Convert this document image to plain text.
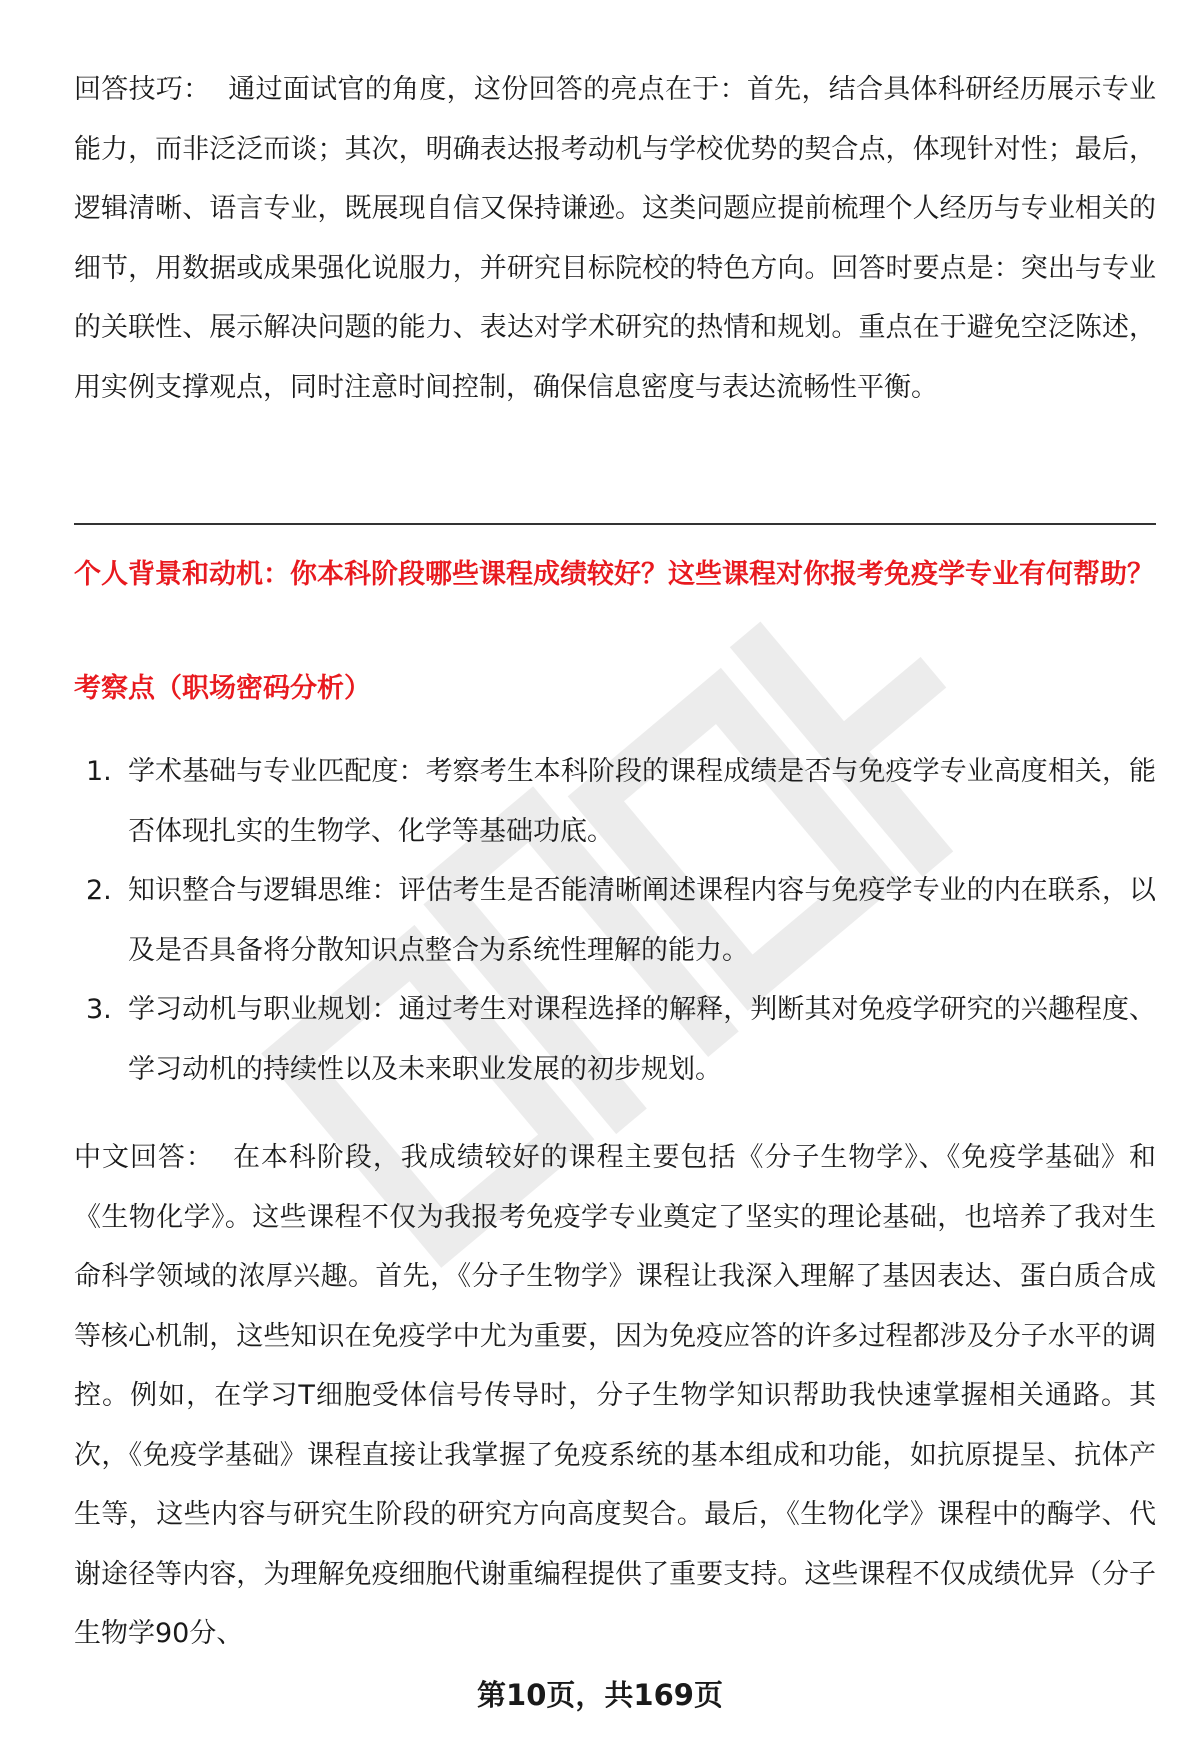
回答技巧： 通过面试官的角度，这份回答的亮点在于：首先，结合具体科研经历展示专业能力，而非泛泛而谈；其次，明确表达报考动机与学校优势的契合点，体现针对性；最后，逻辑清晰、语言专业，既展现自信又保持谦逊。这类问题应提前梳理个人经历与专业相关的细节，用数据或成果强化说服力，并研究目标院校的特色方向。回答时要点是：突出与专业的关联性、展示解决问题的能力、表达对学术研究的热情和规划。重点在于避免空泛陈述，用实例支撑观点，同时注意时间控制，确保信息密度与表达流畅性平衡。

个人背景和动机：你本科阶段哪些课程成绩较好？这些课程对你报考免疫学专业有何帮助？

考察点（职场密码分析）

1. 学术基础与专业匹配度：考察考生本科阶段的课程成绩是否与免疫学专业高度相关，能否体现扎实的生物学、化学等基础功底。
2. 知识整合与逻辑思维：评估考生是否能清晰阐述课程内容与免疫学专业的内在联系，以及是否具备将分散知识点整合为系统性理解的能力。
3. 学习动机与职业规划：通过考生对课程选择的解释，判断其对免疫学研究的兴趣程度、学习动机的持续性以及未来职业发展的初步规划。

中文回答： 在本科阶段，我成绩较好的课程主要包括《分子生物学》、《免疫学基础》和《生物化学》。这些课程不仅为我报考免疫学专业奠定了坚实的理论基础，也培养了我对生命科学领域的浓厚兴趣。首先，《分子生物学》课程让我深入理解了基因表达、蛋白质合成等核心机制，这些知识在免疫学中尤为重要，因为免疫应答的许多过程都涉及分子水平的调控。例如，在学习T细胞受体信号传导时，分子生物学知识帮助我快速掌握相关通路。其次，《免疫学基础》课程直接让我掌握了免疫系统的基本组成和功能，如抗原提呈、抗体产生等，这些内容与研究生阶段的研究方向高度契合。最后，《生物化学》课程中的酶学、代谢途径等内容，为理解免疫细胞代谢重编程提供了重要支持。这些课程不仅成绩优异（分子生物学90分、

第10页，共169页
